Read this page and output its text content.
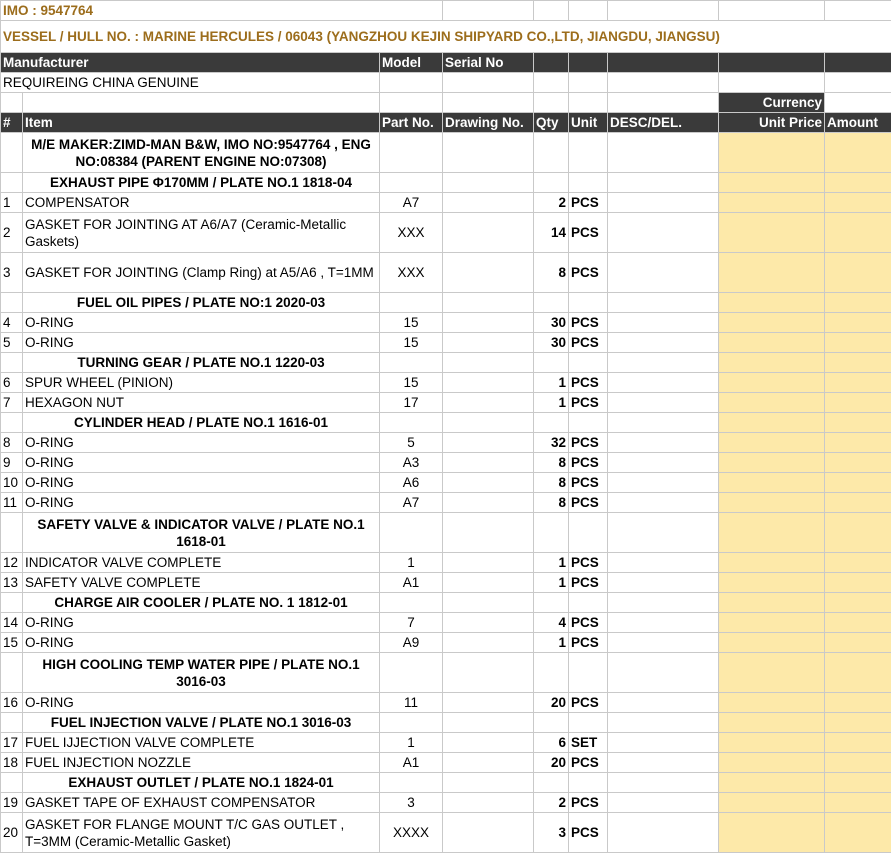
IMO : 9547764								
VESSEL / HULL NO. : MARINE HERCULES / 06043 (YANGZHOU KEJIN SHIPYARD CO.,LTD, JIANGDU, JIANGSU)								
Manufacturer		Model	Serial No					
REQUIREING CHINA GENUINE								
							Currency	
#	Item	Part No.	Drawing No.	Qty	Unit	DESC/DEL.	Unit Price	Amount
	M/E MAKER:ZIMD-MAN B&W, IMO NO:9547764 , ENG NO:08384 (PARENT ENGINE NO:07308)							
	EXHAUST PIPE Φ170MM / PLATE NO.1 1818-04							
1	COMPENSATOR	A7		2	PCS			
2	GASKET FOR JOINTING AT A6/A7 (Ceramic-Metallic Gaskets)	XXX		14	PCS			
3	GASKET FOR JOINTING (Clamp Ring) at A5/A6 , T=1MM	XXX		8	PCS			
	FUEL OIL PIPES / PLATE NO:1 2020-03							
4	O-RING	15		30	PCS			
5	O-RING	15		30	PCS			
	TURNING GEAR / PLATE NO.1 1220-03							
6	SPUR WHEEL (PINION)	15		1	PCS			
7	HEXAGON NUT	17		1	PCS			
	CYLINDER HEAD / PLATE NO.1 1616-01							
8	O-RING	5		32	PCS			
9	O-RING	A3		8	PCS			
10	O-RING	A6		8	PCS			
11	O-RING	A7		8	PCS			
	SAFETY VALVE & INDICATOR VALVE / PLATE NO.1 1618-01							
12	INDICATOR VALVE COMPLETE	1		1	PCS			
13	SAFETY VALVE COMPLETE	A1		1	PCS			
	CHARGE AIR COOLER / PLATE NO. 1 1812-01							
14	O-RING	7		4	PCS			
15	O-RING	A9		1	PCS			
	HIGH COOLING TEMP WATER PIPE / PLATE NO.1 3016-03							
16	O-RING	11		20	PCS			
	FUEL INJECTION VALVE / PLATE NO.1 3016-03							
17	FUEL IJJECTION VALVE COMPLETE	1		6	SET			
18	FUEL INJECTION NOZZLE	A1		20	PCS			
	EXHAUST OUTLET / PLATE NO.1 1824-01							
19	GASKET TAPE OF EXHAUST COMPENSATOR	3		2	PCS			
20	GASKET FOR FLANGE MOUNT T/C GAS OUTLET , T=3MM (Ceramic-Metallic Gasket)	XXXX		3	PCS			
